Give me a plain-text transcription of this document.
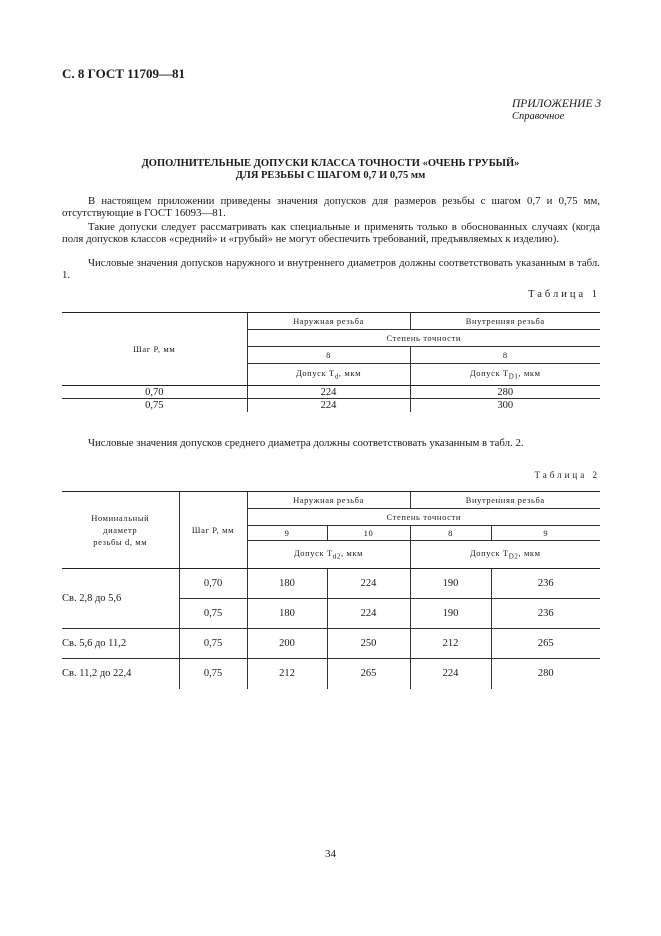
С. 8 ГОСТ 11709—81
ПРИЛОЖЕНИЕ 3
Справочное
ДОПОЛНИТЕЛЬНЫЕ ДОПУСКИ КЛАССА ТОЧНОСТИ «ОЧЕНЬ ГРУБЫЙ»
ДЛЯ РЕЗЬБЫ С ШАГОМ 0,7 И 0,75 мм
В настоящем приложении приведены значения допусков для размеров резьбы с шагом 0,7 и 0,75 мм, отсутствующие в ГОСТ 16093—81.
Такие допуски следует рассматривать как специальные и применять только в обоснованных случаях (когда поля допусков классов «средний» и «грубый» не могут обеспечить требований, предъявляемых к изделию).
Числовые значения допусков наружного и внутреннего диаметров должны соответствовать указанным в табл. 1.
Таблица 1
Шаг P, мм	Наружная резьба	Внутренняя резьба
	Степень точности	
	8	8
	Допуск $T_d$, мкм	Допуск $T_{D1}$, мкм
0,70	224	280
0,75	224	300
Числовые значения допусков среднего диаметра должны соответствовать указанным в табл. 2.
Таблица 2
Номинальный
диаметр
резьбы d, мм	Шаг P, мм	Наружная резьба		Внутренняя резьба	
		Степень точности			
		9	10	8	9
		Допуск $T_{d2}$, мкм		Допуск $T_{D2}$, мкм	
Св. 2,8 до 5,6	0,70	180	224	190	236
	0,75	180	224	190	236
Св. 5,6 до 11,2	0,75	200	250	212	265
Св. 11,2 до 22,4	0,75	212	265	224	280
34
